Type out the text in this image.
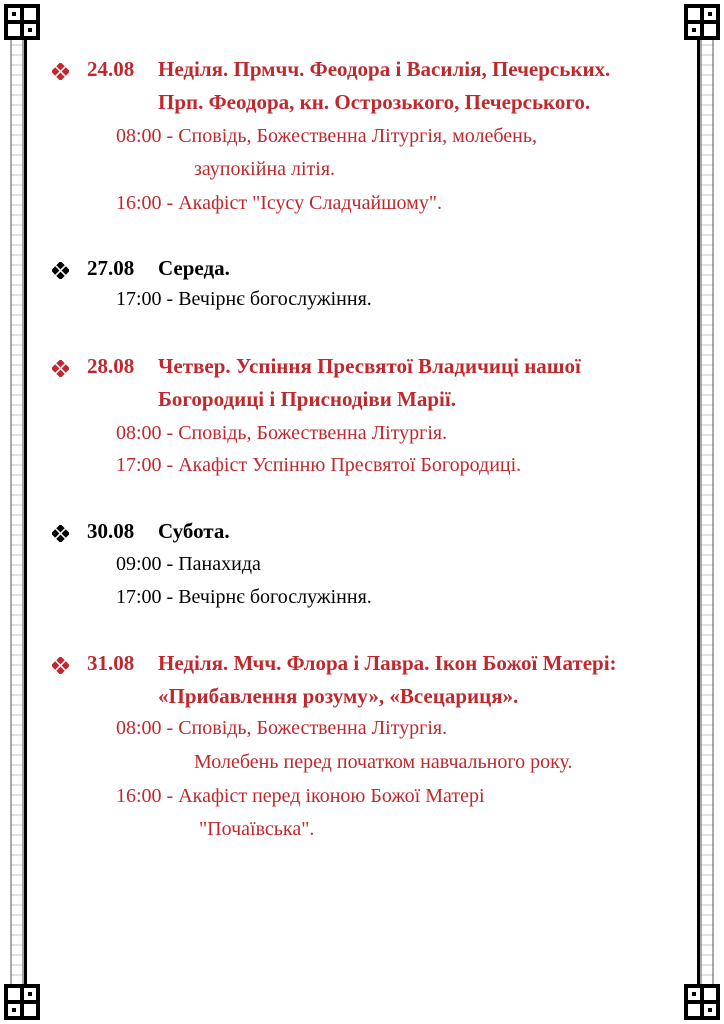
24.08 Неділя. Прмчч. Феодора і Василія, Печерських.
Прп. Феодора, кн. Острозького, Печерського.
08:00 - Сповідь, Божественна Літургія, молебень,
заупокійна літія.
16:00 - Акафіст "Ісусу Сладчайшому".
27.08 Середа.
17:00 - Вечірнє богослужіння.
28.08 Четвер. Успіння Пресвятої Владичиці нашої
Богородиці і Приснодіви Марії.
08:00 - Сповідь, Божественна Літургія.
17:00 - Акафіст Успінню Пресвятої Богородиці.
30.08 Субота.
09:00 - Панахида
17:00 - Вечірнє богослужіння.
31.08 Неділя. Мчч. Флора і Лавра. Ікон Божої Матері:
«Прибавлення розуму», «Всецариця».
08:00 - Сповідь, Божественна Літургія.
Молебень перед початком навчального року.
16:00 - Акафіст перед іконою Божої Матері
"Почаївська".
